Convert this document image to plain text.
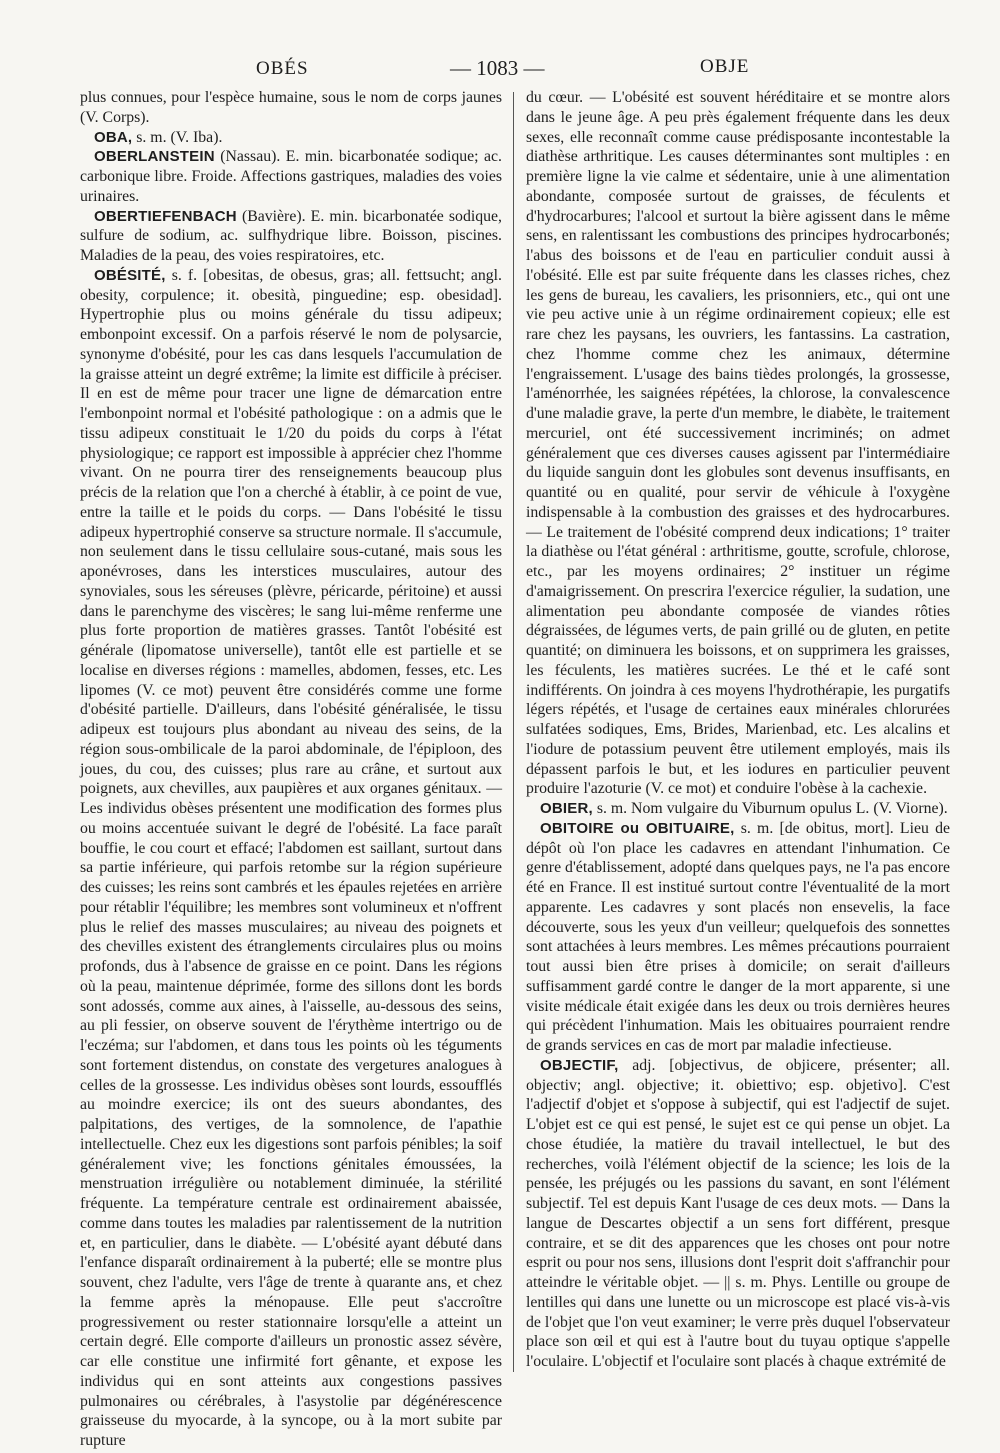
OBÉS	— 1083 —	OBJE

plus connues, pour l'espèce humaine, sous le nom de corps jaunes (V. Corps).

OBA, s. m. (V. Iba).

OBERLANSTEIN (Nassau). E. min. bicarbonatée sodique; ac. carbonique libre. Froide. Affections gastriques, maladies des voies urinaires.

OBERTIEFENBACH (Bavière). E. min. bicarbonatée sodique, sulfure de sodium, ac. sulfhydrique libre. Boisson, piscines. Maladies de la peau, des voies respiratoires, etc.

OBÉSITÉ, s. f. [obesitas, de obesus, gras; all. fettsucht; angl. obesity, corpulence; it. obesità, pinguedine; esp. obesidad]. Hypertrophie plus ou moins générale du tissu adipeux; embonpoint excessif. On a parfois réservé le nom de polysarcie, synonyme d'obésité, pour les cas dans lesquels l'accumulation de la graisse atteint un degré extrême; la limite est difficile à préciser. Il en est de même pour tracer une ligne de démarcation entre l'embonpoint normal et l'obésité pathologique : on a admis que le tissu adipeux constituait le 1/20 du poids du corps à l'état physiologique; ce rapport est impossible à apprécier chez l'homme vivant. On ne pourra tirer des renseignements beaucoup plus précis de la relation que l'on a cherché à établir, à ce point de vue, entre la taille et le poids du corps. — Dans l'obésité le tissu adipeux hypertrophié conserve sa structure normale. Il s'accumule, non seulement dans le tissu cellulaire sous-cutané, mais sous les aponévroses, dans les interstices musculaires, autour des synoviales, sous les séreuses (plèvre, péricarde, péritoine) et aussi dans le parenchyme des viscères; le sang lui-même renferme une plus forte proportion de matières grasses. Tantôt l'obésité est générale (lipomatose universelle), tantôt elle est partielle et se localise en diverses régions : mamelles, abdomen, fesses, etc. Les lipomes (V. ce mot) peuvent être considérés comme une forme d'obésité partielle. D'ailleurs, dans l'obésité généralisée, le tissu adipeux est toujours plus abondant au niveau des seins, de la région sous-ombilicale de la paroi abdominale, de l'épiploon, des joues, du cou, des cuisses; plus rare au crâne, et surtout aux poignets, aux chevilles, aux paupières et aux organes génitaux. — Les individus obèses présentent une modification des formes plus ou moins accentuée suivant le degré de l'obésité. La face paraît bouffie, le cou court et effacé; l'abdomen est saillant, surtout dans sa partie inférieure, qui parfois retombe sur la région supérieure des cuisses; les reins sont cambrés et les épaules rejetées en arrière pour rétablir l'équilibre; les membres sont volumineux et n'offrent plus le relief des masses musculaires; au niveau des poignets et des chevilles existent des étranglements circulaires plus ou moins profonds, dus à l'absence de graisse en ce point. Dans les régions où la peau, maintenue déprimée, forme des sillons dont les bords sont adossés, comme aux aines, à l'aisselle, au-dessous des seins, au pli fessier, on observe souvent de l'érythème intertrigo ou de l'eczéma; sur l'abdomen, et dans tous les points où les téguments sont fortement distendus, on constate des vergetures analogues à celles de la grossesse. Les individus obèses sont lourds, essoufflés au moindre exercice; ils ont des sueurs abondantes, des palpitations, des vertiges, de la somnolence, de l'apathie intellectuelle. Chez eux les digestions sont parfois pénibles; la soif généralement vive; les fonctions génitales émoussées, la menstruation irrégulière ou notablement diminuée, la stérilité fréquente. La température centrale est ordinairement abaissée, comme dans toutes les maladies par ralentissement de la nutrition et, en particulier, dans le diabète. — L'obésité ayant débuté dans l'enfance disparaît ordinairement à la puberté; elle se montre plus souvent, chez l'adulte, vers l'âge de trente à quarante ans, et chez la femme après la ménopause. Elle peut s'accroître progressivement ou rester stationnaire lorsqu'elle a atteint un certain degré. Elle comporte d'ailleurs un pronostic assez sévère, car elle constitue une infirmité fort gênante, et expose les individus qui en sont atteints aux congestions passives pulmonaires ou cérébrales, à l'asystolie par dégénérescence graisseuse du myocarde, à la syncope, ou à la mort subite par rupture

du cœur. — L'obésité est souvent héréditaire et se montre alors dans le jeune âge. A peu près également fréquente dans les deux sexes, elle reconnaît comme cause prédisposante incontestable la diathèse arthritique. Les causes déterminantes sont multiples : en première ligne la vie calme et sédentaire, unie à une alimentation abondante, composée surtout de graisses, de féculents et d'hydrocarbures; l'alcool et surtout la bière agissent dans le même sens, en ralentissant les combustions des principes hydrocarbonés; l'abus des boissons et de l'eau en particulier conduit aussi à l'obésité. Elle est par suite fréquente dans les classes riches, chez les gens de bureau, les cavaliers, les prisonniers, etc., qui ont une vie peu active unie à un régime ordinairement copieux; elle est rare chez les paysans, les ouvriers, les fantassins. La castration, chez l'homme comme chez les animaux, détermine l'engraissement. L'usage des bains tièdes prolongés, la grossesse, l'aménorrhée, les saignées répétées, la chlorose, la convalescence d'une maladie grave, la perte d'un membre, le diabète, le traitement mercuriel, ont été successivement incriminés; on admet généralement que ces diverses causes agissent par l'intermédiaire du liquide sanguin dont les globules sont devenus insuffisants, en quantité ou en qualité, pour servir de véhicule à l'oxygène indispensable à la combustion des graisses et des hydrocarbures. — Le traitement de l'obésité comprend deux indications; 1° traiter la diathèse ou l'état général : arthritisme, goutte, scrofule, chlorose, etc., par les moyens ordinaires; 2° instituer un régime d'amaigrissement. On prescrira l'exercice régulier, la sudation, une alimentation peu abondante composée de viandes rôties dégraissées, de légumes verts, de pain grillé ou de gluten, en petite quantité; on diminuera les boissons, et on supprimera les graisses, les féculents, les matières sucrées. Le thé et le café sont indifférents. On joindra à ces moyens l'hydrothérapie, les purgatifs légers répétés, et l'usage de certaines eaux minérales chlorurées sulfatées sodiques, Ems, Brides, Marienbad, etc. Les alcalins et l'iodure de potassium peuvent être utilement employés, mais ils dépassent parfois le but, et les iodures en particulier peuvent produire l'azoturie (V. ce mot) et conduire l'obèse à la cachexie.

OBIER, s. m. Nom vulgaire du Viburnum opulus L. (V. Viorne).

OBITOIRE ou OBITUAIRE, s. m. [de obitus, mort]. Lieu de dépôt où l'on place les cadavres en attendant l'inhumation. Ce genre d'établissement, adopté dans quelques pays, ne l'a pas encore été en France. Il est institué surtout contre l'éventualité de la mort apparente. Les cadavres y sont placés non ensevelis, la face découverte, sous les yeux d'un veilleur; quelquefois des sonnettes sont attachées à leurs membres. Les mêmes précautions pourraient tout aussi bien être prises à domicile; on serait d'ailleurs suffisamment gardé contre le danger de la mort apparente, si une visite médicale était exigée dans les deux ou trois dernières heures qui précèdent l'inhumation. Mais les obituaires pourraient rendre de grands services en cas de mort par maladie infectieuse.

OBJECTIF, adj. [objectivus, de objicere, présenter; all. objectiv; angl. objective; it. obiettivo; esp. objetivo]. C'est l'adjectif d'objet et s'oppose à subjectif, qui est l'adjectif de sujet. L'objet est ce qui est pensé, le sujet est ce qui pense un objet. La chose étudiée, la matière du travail intellectuel, le but des recherches, voilà l'élément objectif de la science; les lois de la pensée, les préjugés ou les passions du savant, en sont l'élément subjectif. Tel est depuis Kant l'usage de ces deux mots. — Dans la langue de Descartes objectif a un sens fort différent, presque contraire, et se dit des apparences que les choses ont pour notre esprit ou pour nos sens, illusions dont l'esprit doit s'affranchir pour atteindre le véritable objet. — || s. m. Phys. Lentille ou groupe de lentilles qui dans une lunette ou un microscope est placé vis-à-vis de l'objet que l'on veut examiner; le verre près duquel l'observateur place son œil et qui est à l'autre bout du tuyau optique s'appelle l'oculaire. L'objectif et l'oculaire sont placés à chaque extrémité de
